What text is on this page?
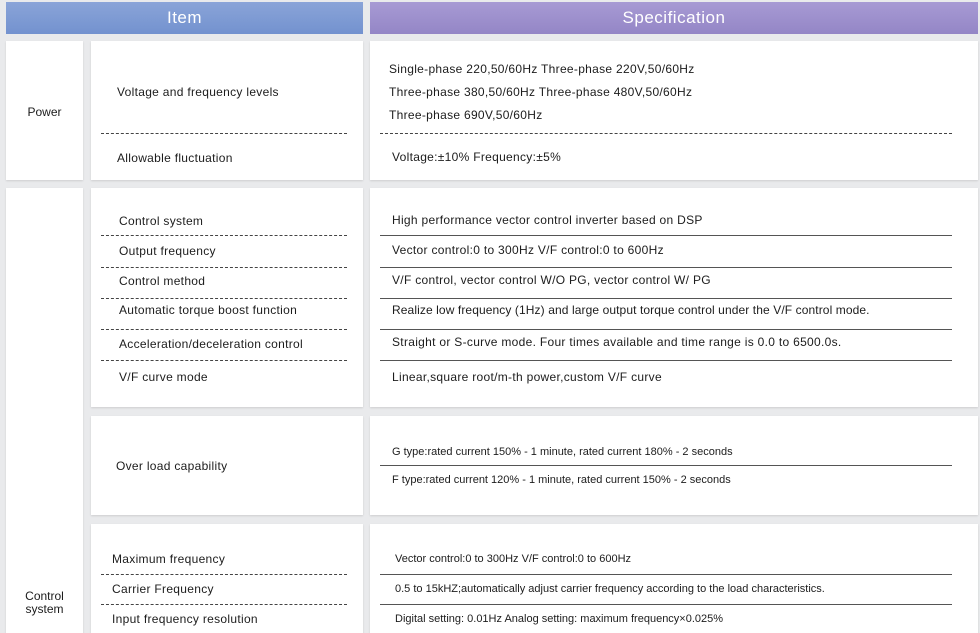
Item	Specification
Power
Voltage and frequency levels
Allowable fluctuation
Single-phase 220,50/60Hz Three-phase 220V,50/60Hz
Three-phase 380,50/60Hz Three-phase 480V,50/60Hz
Three-phase 690V,50/60Hz
Voltage:±10% Frequency:±5%
Control
system
Control system
Output frequency
Control method
Automatic torque boost function
Acceleration/deceleration control
V/F curve mode
High performance vector control inverter based on DSP
Vector control:0 to 300Hz V/F control:0 to 600Hz
V/F control, vector control W/O PG, vector control W/ PG
Realize low frequency (1Hz) and large output torque control under the V/F control mode.
Straight or S-curve mode. Four times available and time range is 0.0 to 6500.0s.
Linear,square root/m-th power,custom V/F curve
Over load capability
G type:rated current 150% - 1 minute, rated current 180% - 2 seconds
F type:rated current 120% - 1 minute, rated current 150% - 2 seconds
Maximum frequency
Carrier Frequency
Input frequency resolution
Vector control:0 to 300Hz V/F control:0 to 600Hz
0.5 to 15kHZ;automatically adjust carrier frequency according to the load characteristics.
Digital setting: 0.01Hz Analog setting: maximum frequency×0.025%
